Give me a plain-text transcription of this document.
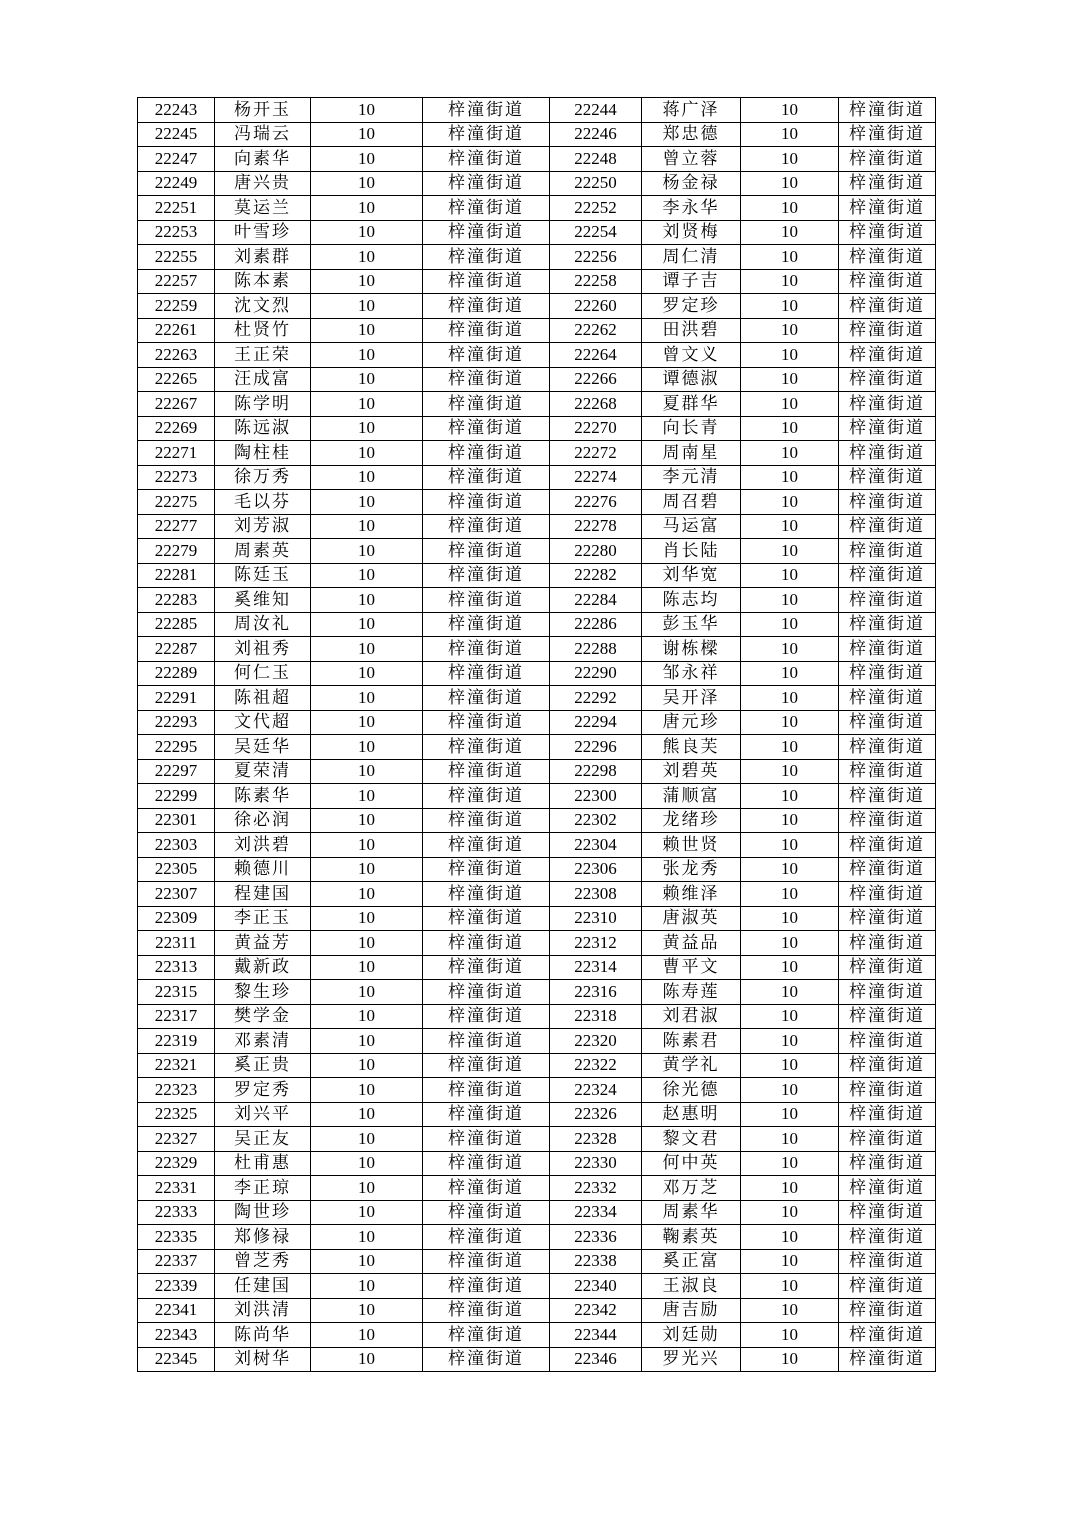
22243	杨开玉	10	梓潼街道	22244	蒋广泽	10	梓潼街道
22245	冯瑞云	10	梓潼街道	22246	郑忠德	10	梓潼街道
22247	向素华	10	梓潼街道	22248	曾立蓉	10	梓潼街道
22249	唐兴贵	10	梓潼街道	22250	杨金禄	10	梓潼街道
22251	莫运兰	10	梓潼街道	22252	李永华	10	梓潼街道
22253	叶雪珍	10	梓潼街道	22254	刘贤梅	10	梓潼街道
22255	刘素群	10	梓潼街道	22256	周仁清	10	梓潼街道
22257	陈本素	10	梓潼街道	22258	谭子吉	10	梓潼街道
22259	沈文烈	10	梓潼街道	22260	罗定珍	10	梓潼街道
22261	杜贤竹	10	梓潼街道	22262	田洪碧	10	梓潼街道
22263	王正荣	10	梓潼街道	22264	曾文义	10	梓潼街道
22265	汪成富	10	梓潼街道	22266	谭德淑	10	梓潼街道
22267	陈学明	10	梓潼街道	22268	夏群华	10	梓潼街道
22269	陈远淑	10	梓潼街道	22270	向长青	10	梓潼街道
22271	陶柱桂	10	梓潼街道	22272	周南星	10	梓潼街道
22273	徐万秀	10	梓潼街道	22274	李元清	10	梓潼街道
22275	毛以芬	10	梓潼街道	22276	周召碧	10	梓潼街道
22277	刘芳淑	10	梓潼街道	22278	马运富	10	梓潼街道
22279	周素英	10	梓潼街道	22280	肖长陆	10	梓潼街道
22281	陈廷玉	10	梓潼街道	22282	刘华宽	10	梓潼街道
22283	奚维知	10	梓潼街道	22284	陈志均	10	梓潼街道
22285	周汝礼	10	梓潼街道	22286	彭玉华	10	梓潼街道
22287	刘祖秀	10	梓潼街道	22288	谢栋樑	10	梓潼街道
22289	何仁玉	10	梓潼街道	22290	邹永祥	10	梓潼街道
22291	陈祖超	10	梓潼街道	22292	吴开泽	10	梓潼街道
22293	文代超	10	梓潼街道	22294	唐元珍	10	梓潼街道
22295	吴廷华	10	梓潼街道	22296	熊良芙	10	梓潼街道
22297	夏荣清	10	梓潼街道	22298	刘碧英	10	梓潼街道
22299	陈素华	10	梓潼街道	22300	蒲顺富	10	梓潼街道
22301	徐必润	10	梓潼街道	22302	龙绪珍	10	梓潼街道
22303	刘洪碧	10	梓潼街道	22304	赖世贤	10	梓潼街道
22305	赖德川	10	梓潼街道	22306	张龙秀	10	梓潼街道
22307	程建国	10	梓潼街道	22308	赖维泽	10	梓潼街道
22309	李正玉	10	梓潼街道	22310	唐淑英	10	梓潼街道
22311	黄益芳	10	梓潼街道	22312	黄益品	10	梓潼街道
22313	戴新政	10	梓潼街道	22314	曹平文	10	梓潼街道
22315	黎生珍	10	梓潼街道	22316	陈寿莲	10	梓潼街道
22317	樊学金	10	梓潼街道	22318	刘君淑	10	梓潼街道
22319	邓素清	10	梓潼街道	22320	陈素君	10	梓潼街道
22321	奚正贵	10	梓潼街道	22322	黄学礼	10	梓潼街道
22323	罗定秀	10	梓潼街道	22324	徐光德	10	梓潼街道
22325	刘兴平	10	梓潼街道	22326	赵惠明	10	梓潼街道
22327	吴正友	10	梓潼街道	22328	黎文君	10	梓潼街道
22329	杜甫惠	10	梓潼街道	22330	何中英	10	梓潼街道
22331	李正琼	10	梓潼街道	22332	邓万芝	10	梓潼街道
22333	陶世珍	10	梓潼街道	22334	周素华	10	梓潼街道
22335	郑修禄	10	梓潼街道	22336	鞠素英	10	梓潼街道
22337	曾芝秀	10	梓潼街道	22338	奚正富	10	梓潼街道
22339	任建国	10	梓潼街道	22340	王淑良	10	梓潼街道
22341	刘洪清	10	梓潼街道	22342	唐吉励	10	梓潼街道
22343	陈尚华	10	梓潼街道	22344	刘廷勋	10	梓潼街道
22345	刘树华	10	梓潼街道	22346	罗光兴	10	梓潼街道
